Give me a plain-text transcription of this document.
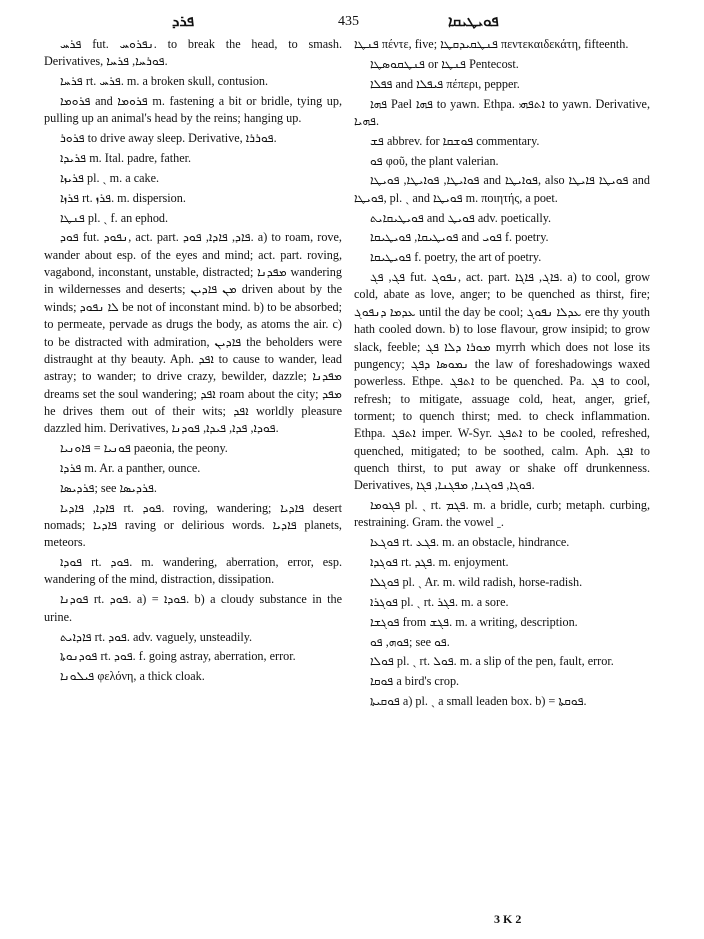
ܦܪܕ	435	ܦܘܝܛܝܩܐ

ܦܪܚ fut. ܢܦܪܘܚ. to break the head, to smash. Derivatives, ܦܘܪܚܐ, ܦܪܚܐ.

ܦܪܚܐ rt. ܦܪܚ. m. a broken skull, contusion.

ܦܪܘܡܐ and ܦܪܘܡܐ m. fastening a bit or bridle, tying up, pulling up an animal's head by the reins; hanging up.

ܦܪܘܪ to drive away sleep. Derivative, ܦܘܪܪܐ.

ܦܪܝܕܐ m. Ital. padre, father.

ܦܪܝܙܐ pl. ˏ m. a cake.

ܦܪܙܐ rt. ܦܪܙ. m. dispersion.

ܦܢܛܐ pl. ˏ f. an ephod.

ܦܘܕ fut. ܢܦܘܕ, act. part. ܦܐܕ, ܦܐܕܐ, ܦܘܕ. a) to roam, rove, wander about esp. of the eyes and mind; act. part. roving, vagabond, inconstant, unstable, distracted; ܡܦܕܢܐ wandering in wildernesses and deserts; ܡܢ ܦܐܕܝܢ driven about by the winds; ܠܐ ܢܦܘܕ be not of inconstant mind. b) to be absorbed; to permeate, pervade as drugs the body, as atoms the air. c) to be distracted with admiration, ܦܐܕܝܢ the beholders were distraught at thy beauty. Aph. ܐܦܕ to cause to wander, lead astray; to wander; to drive crazy, bewilder, dazzle; ܡܦܕܢܐ dreams set the soul wandering; ܐܦܕ roam about the city; ܡܦܕ he drives them out of their wits; ܐܦܕ worldly pleasure dazzled him. Derivatives, ܦܘܕܐ, ܦܕܐ, ܦܝܕܐ, ܦܘܕܢܐ.

ܦܘܢܝܐ = ܦܐܘܢܝܐ paeonia, the peony.

ܦܪܕܐ m. Ar. a panther, ounce.

ܦܪܕܝܣܐ; see ܦܪܕܝܣܐ.

ܦܐܕܐ, ܦܐܕܝܐ rt. ܦܘܕ. roving, wandering; ܦܐܕܝܐ desert nomads; ܦܐܕܝܐ raving or delirious words. ܦܐܕܝܐ planets, meteors.

ܦܘܕܐ rt. ܦܘܕ. m. wandering, aberration, error, esp. wandering of the mind, distraction, dissipation.

ܦܘܕܢܐ rt. ܦܘܕ. a) = ܦܘܕܐ. b) a cloudy substance in the urine.

ܦܐܕܐܝܬ rt. ܦܘܕ. adv. vaguely, unsteadily.

ܦܘܕܢܘܬܐ rt. ܦܘܕ. f. going astray, aberration, error.

ܦܝܠܘܢܐ φελόνη, a thick cloak.

ܦܢܛܐ πέντε, five; ܦܢܛܩܝܕܩܛܐ πεντεκαιδεκάτη, fifteenth.

ܦܢܛܩܘܣܛܐ or ܦܢܛܐ Pentecost.

ܦܦܠܐ and ܦܝܦܠܐ πέπερι, pepper.

ܦܗܐ Pael ܦܗܐ to yawn. Ethpa. ܐܬܦܗܝ to yawn. Derivative, ܦܗܝܐ.

ܦܫ abbrev. for ܦܘܫܩܐ commentary.

ܦܘ φοῦ, the plant valerian.

ܦܘܐܝܛܐ, ܦܘܐܝܛܐ, ܦܘܝܛܐ and ܦܘܐܝܛܐ, also ܦܘܝܛܐ ܦܐܝܛܐ and ܦܘܝܛܐ, pl. ˏ and ܦܘܝܛܐ m. ποιητής, a poet.

ܦܘܝܛܝܩܐܝܬ and ܦܘܝܛ adv. poetically.

ܦܘܝܛܝܩܐ, ܦܘܝܛܝܩܐ and ܦܘܝ f. poetry.

ܦܘܝܛܝܩܐ f. poetry, the art of poetry.

ܦܓ, ܦܓ fut. ܢܦܘܓ, act. part. ܦܐܓ, ܦܐܓܐ. a) to cool, grow cold, abate as love, anger; to be quenched as thirst, fire; ܥܕܡܐ ܕܢܦܘܓ until the day be cool; ܥܕܠܐ ܢܦܘܓ ere thy youth hath cooled down. b) to lose flavour, grow insipid; to grow slack, feeble; ܡܘܪܐ ܕܠܐ ܦܓ myrrh which does not lose its pungency; ܢܡܘܣܐ ܕܦܓ the law of foreshadowings waxed powerless. Ethpe. ܐܬܦܓ to be quenched. Pa. ܦܓ to cool, refresh; to mitigate, assuage cold, heat, anger, grief, torment; to quench thirst; med. to check inflammation. Ethpa. ܐܬܦܓ imper. W-Syr. ܐܬܦܓ to be cooled, refreshed, quenched, mitigated; to be soothed, calm. Aph. ܐܦܓ to quench thirst, to put away or shake off drunkenness. Derivatives, ܦܘܓܐ, ܦܘܓܢܐ, ܡܦܓܢܐ, ܦܓܐ.

ܦܓܘܡܐ pl. ˏ rt. ܦܓܡ. m. a bridle, curb; metaph. curbing, restraining. Gram. the vowel ˍ.

ܦܘܓܥܐ rt. ܦܓܥ. m. an obstacle, hindrance.

ܦܘܓܕܐ rt. ܦܓܕ. m. enjoyment.

ܦܘܓܠܐ pl. ˏ Ar. m. wild radish, horse-radish.

ܦܘܓܪܐ pl. ˏ rt. ܦܓܪ. m. a sore.

ܦܘܓܫܐ from ܦܓܫ. m. a writing, description.

ܦܘܗ, ܦܘ; see ܦܘ.

ܦܘܠܐ pl. ˏ rt. ܦܘܠ. m. a slip of the pen, fault, error.

ܦܘܩܐ a bird's crop.

ܦܘܩܝܬܐ a) pl. ˏ a small leaden box. b) = ܦܘܩܬܐ.

3 K 2
